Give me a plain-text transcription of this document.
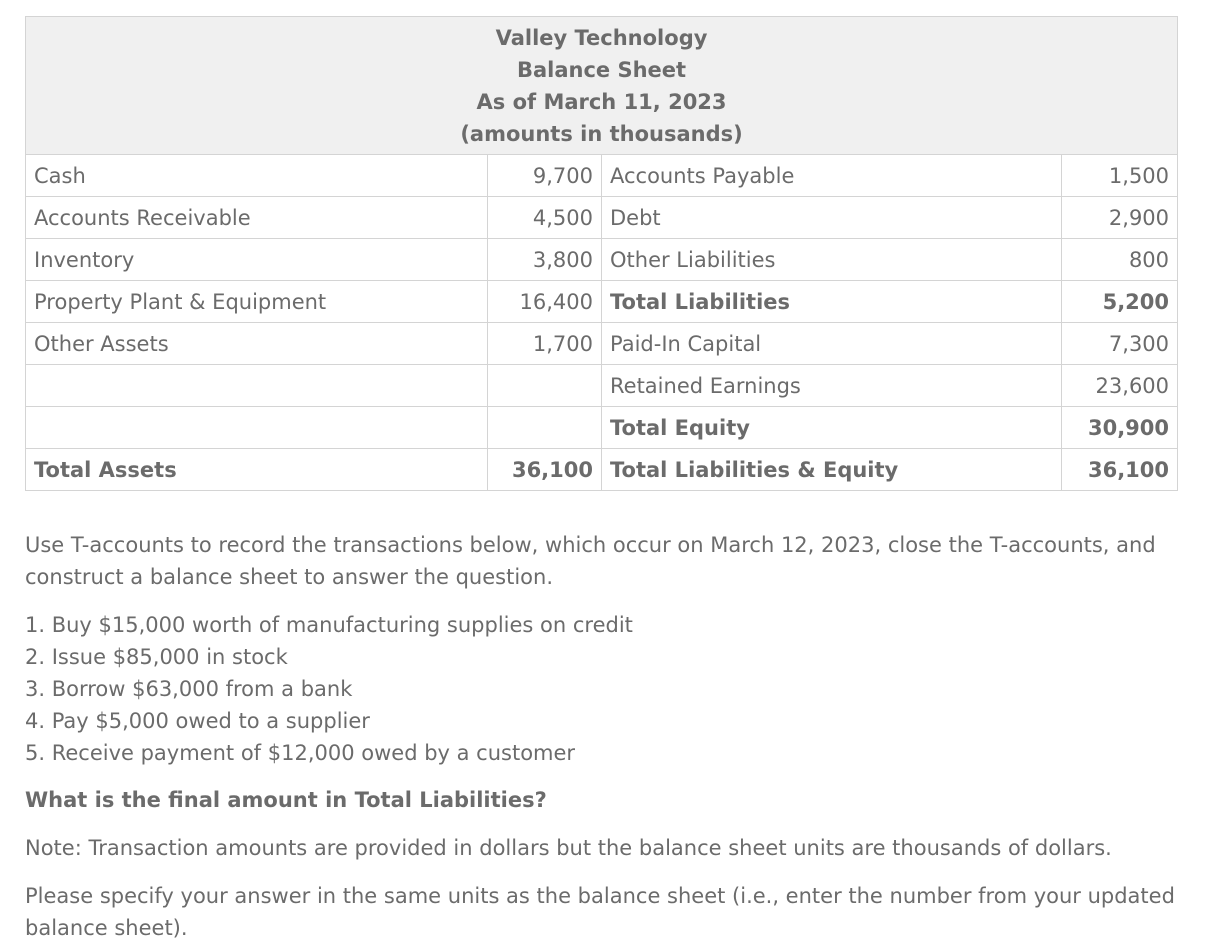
Valley Technology
Balance Sheet
As of March 11, 2023
(amounts in thousands)			

Cash	9,700	Accounts Payable	1,500
Accounts Receivable	4,500	Debt	2,900
Inventory	3,800	Other Liabilities	800
Property Plant & Equipment	16,400	Total Liabilities	5,200
Other Assets	1,700	Paid-In Capital	7,300
		Retained Earnings	23,600
		Total Equity	30,900
Total Assets	36,100	Total Liabilities & Equity	36,100

Use T-accounts to record the transactions below, which occur on March 12, 2023, close the T-accounts, and construct a balance sheet to answer the question.

1. Buy $15,000 worth of manufacturing supplies on credit
2. Issue $85,000 in stock
3. Borrow $63,000 from a bank
4. Pay $5,000 owed to a supplier
5. Receive payment of $12,000 owed by a customer

What is the final amount in Total Liabilities?

Note: Transaction amounts are provided in dollars but the balance sheet units are thousands of dollars.

Please specify your answer in the same units as the balance sheet (i.e., enter the number from your updated balance sheet).
